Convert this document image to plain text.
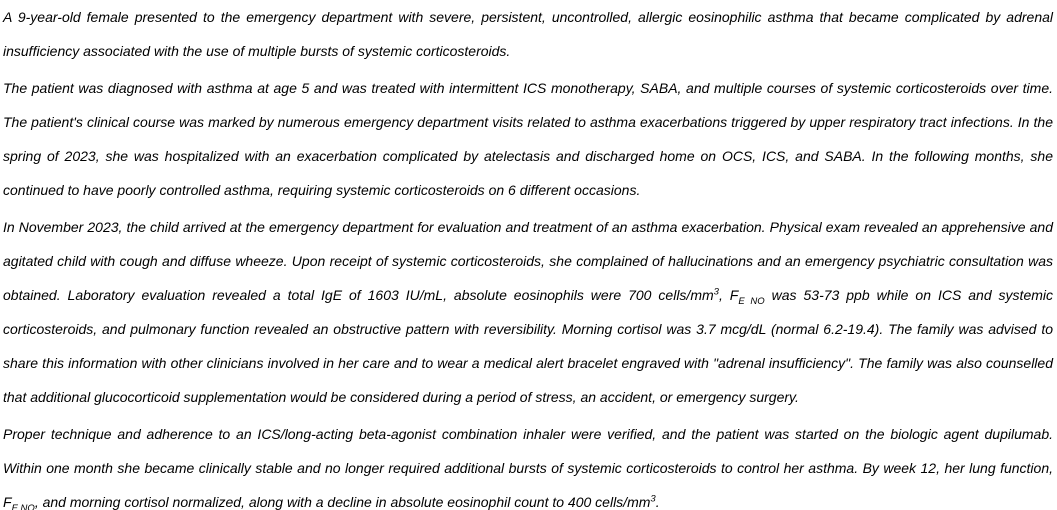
A 9-year-old female presented to the emergency department with severe, persistent, uncontrolled, allergic eosinophilic asthma that became complicated by adrenal insufficiency associated with the use of multiple bursts of systemic corticosteroids.

The patient was diagnosed with asthma at age 5 and was treated with intermittent ICS monotherapy, SABA, and multiple courses of systemic corticosteroids over time. The patient's clinical course was marked by numerous emergency department visits related to asthma exacerbations triggered by upper respiratory tract infections. In the spring of 2023, she was hospitalized with an exacerbation complicated by atelectasis and discharged home on OCS, ICS, and SABA. In the following months, she continued to have poorly controlled asthma, requiring systemic corticosteroids on 6 different occasions.

In November 2023, the child arrived at the emergency department for evaluation and treatment of an asthma exacerbation. Physical exam revealed an apprehensive and agitated child with cough and diffuse wheeze. Upon receipt of systemic corticosteroids, she complained of hallucinations and an emergency psychiatric consultation was obtained. Laboratory evaluation revealed a total IgE of 1603 IU/mL, absolute eosinophils were 700 cells/$mm^3$, $F_{E NO}$ was 53-73 ppb while on ICS and systemic corticosteroids, and pulmonary function revealed an obstructive pattern with reversibility. Morning cortisol was 3.7 mcg/dL (normal 6.2-19.4). The family was advised to share this information with other clinicians involved in her care and to wear a medical alert bracelet engraved with "adrenal insufficiency". The family was also counselled that additional glucocorticoid supplementation would be considered during a period of stress, an accident, or emergency surgery.

Proper technique and adherence to an ICS/long-acting beta-agonist combination inhaler were verified, and the patient was started on the biologic agent dupilumab. Within one month she became clinically stable and no longer required additional bursts of systemic corticosteroids to control her asthma. By week 12, her lung function, $F_{E NO}$, and morning cortisol normalized, along with a decline in absolute eosinophil count to 400 cells/$mm^3$.
